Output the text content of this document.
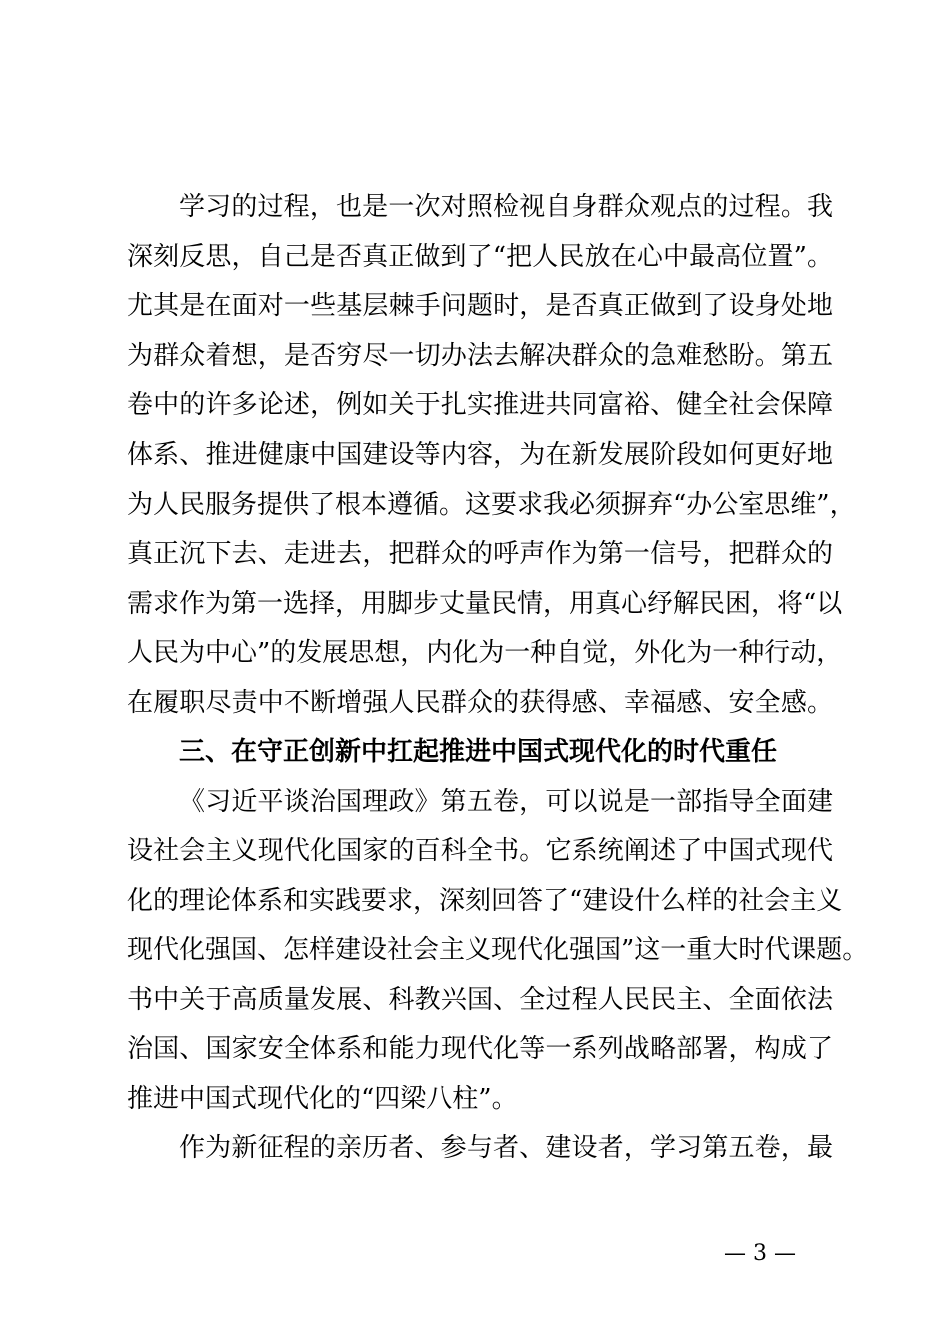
学习的过程，也是一次对照检视自身群众观点的过程。我
深刻反思，自己是否真正做到了“把人民放在心中最高位置”。
尤其是在面对一些基层棘手问题时，是否真正做到了设身处地
为群众着想，是否穷尽一切办法去解决群众的急难愁盼。第五
卷中的许多论述，例如关于扎实推进共同富裕、健全社会保障
体系、推进健康中国建设等内容，为在新发展阶段如何更好地
为人民服务提供了根本遵循。这要求我必须摒弃“办公室思维”，
真正沉下去、走进去，把群众的呼声作为第一信号，把群众的
需求作为第一选择，用脚步丈量民情，用真心纾解民困，将“以
人民为中心”的发展思想，内化为一种自觉，外化为一种行动，
在履职尽责中不断增强人民群众的获得感、幸福感、安全感。
三、在守正创新中扛起推进中国式现代化的时代重任
《习近平谈治国理政》第五卷，可以说是一部指导全面建
设社会主义现代化国家的百科全书。它系统阐述了中国式现代
化的理论体系和实践要求，深刻回答了“建设什么样的社会主义
现代化强国、怎样建设社会主义现代化强国”这一重大时代课题。
书中关于高质量发展、科教兴国、全过程人民民主、全面依法
治国、国家安全体系和能力现代化等一系列战略部署，构成了
推进中国式现代化的“四梁八柱”。
作为新征程的亲历者、参与者、建设者，学习第五卷，最
— 3 —
